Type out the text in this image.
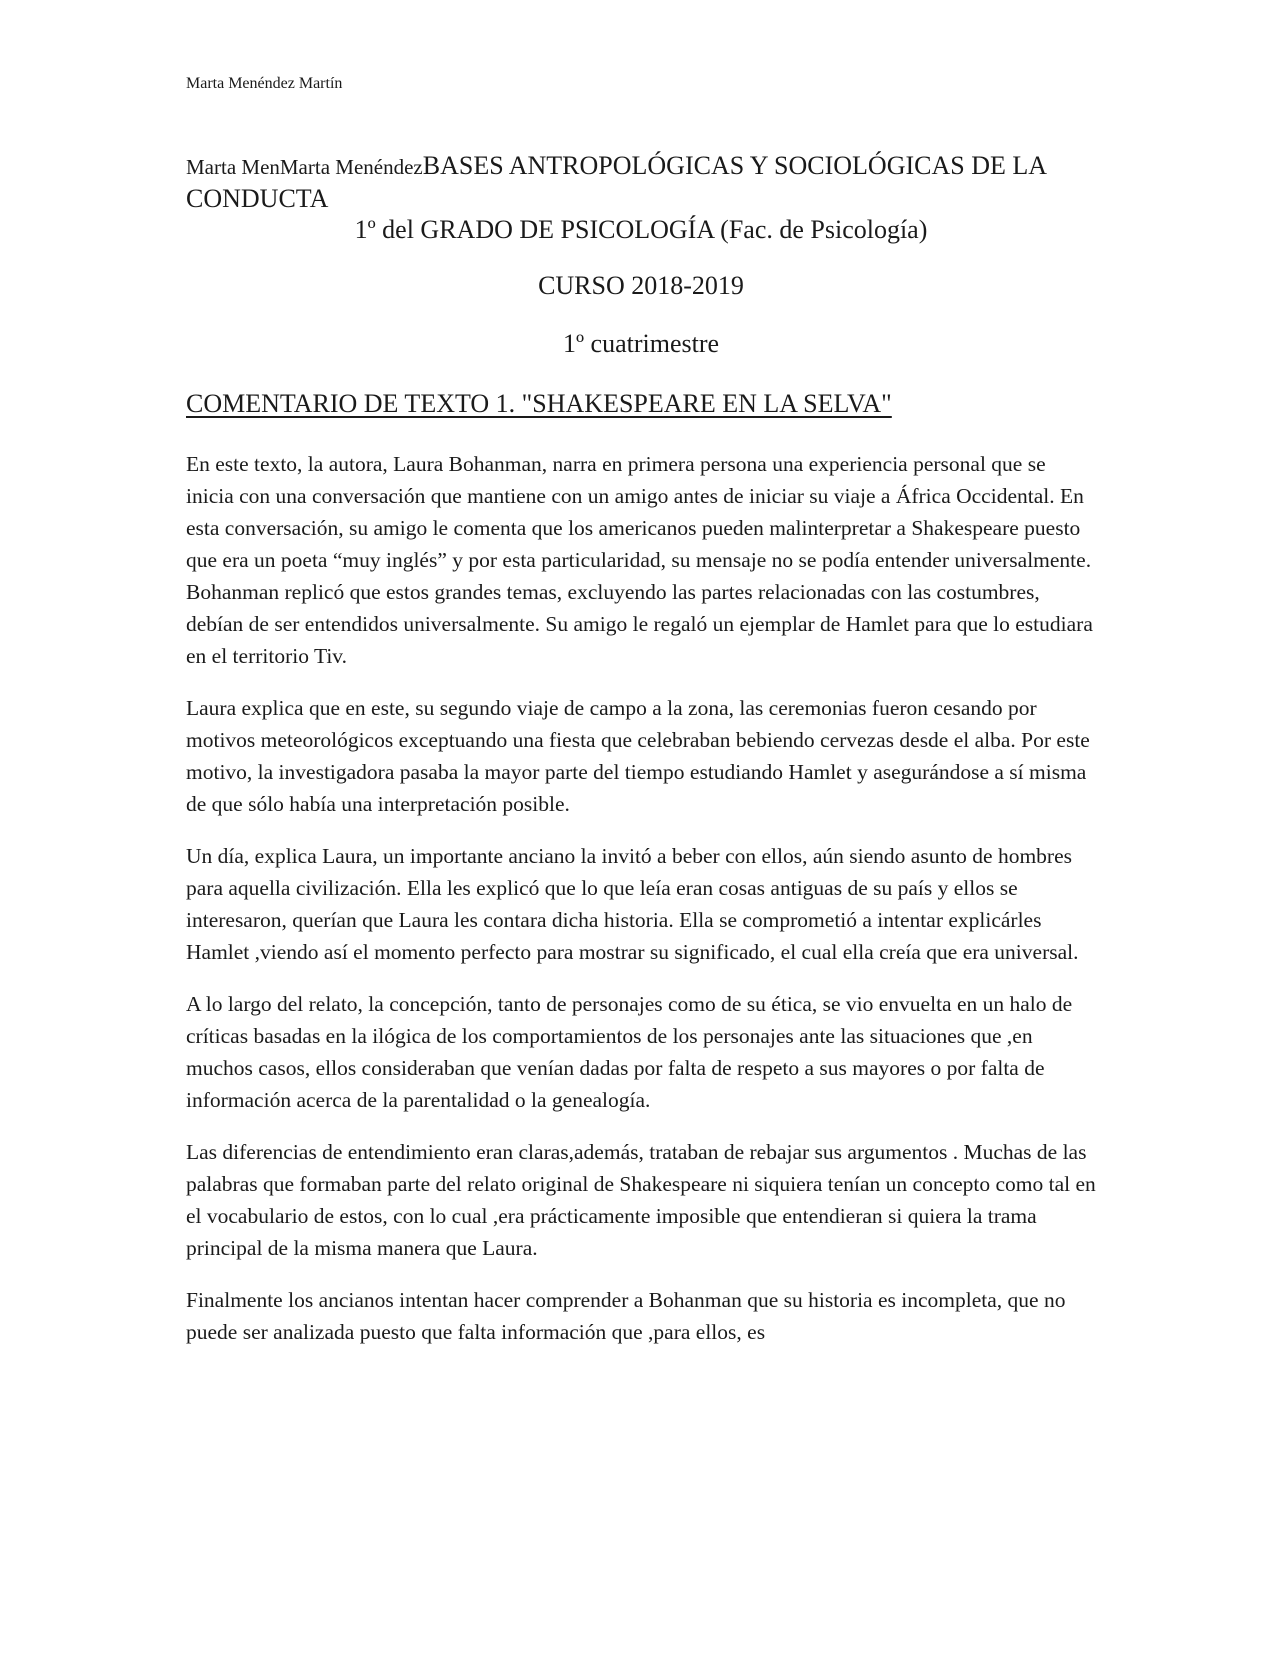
Marta Menéndez Martín

Marta MenMarta MenéndezBASES ANTROPOLÓGICAS Y SOCIOLÓGICAS DE LA CONDUCTA

1º del GRADO DE PSICOLOGÍA (Fac. de Psicología)

CURSO 2018-2019

1º cuatrimestre

COMENTARIO DE TEXTO 1. "SHAKESPEARE EN LA SELVA"

En este texto, la autora, Laura Bohanman, narra en primera persona una experiencia personal que se inicia con una conversación que mantiene con un amigo antes de iniciar su viaje a África Occidental. En esta conversación, su amigo le comenta que los americanos pueden malinterpretar a Shakespeare puesto que era un poeta “muy inglés” y por esta particularidad, su mensaje no se podía entender universalmente. Bohanman replicó que estos grandes temas, excluyendo las partes relacionadas con las costumbres, debían de ser entendidos universalmente. Su amigo le regaló un ejemplar de Hamlet para que lo estudiara en el territorio Tiv.

Laura explica que en este, su segundo viaje de campo a la zona, las ceremonias fueron cesando por motivos meteorológicos exceptuando una fiesta que celebraban bebiendo cervezas desde el alba. Por este motivo, la investigadora pasaba la mayor parte del tiempo estudiando Hamlet y asegurándose a sí misma de que sólo había una interpretación posible.

Un día, explica Laura, un importante anciano la invitó a beber con ellos, aún siendo asunto de hombres para aquella civilización. Ella les explicó que lo que leía eran cosas antiguas de su país y ellos se interesaron, querían que Laura les contara dicha historia. Ella se comprometió a intentar explicárles Hamlet ,viendo así el momento perfecto para mostrar su significado, el cual ella creía que era universal.

A lo largo del relato, la concepción, tanto de personajes como de su ética, se vio envuelta en un halo de críticas basadas en la ilógica de los comportamientos de los personajes ante las situaciones que ,en muchos casos, ellos consideraban que venían dadas por falta de respeto a sus mayores o por falta de información acerca de la parentalidad o la genealogía.

Las diferencias de entendimiento eran claras,además, trataban de rebajar sus argumentos . Muchas de las palabras que formaban parte del relato original de Shakespeare ni siquiera tenían un concepto como tal en el vocabulario de estos, con lo cual ,era prácticamente imposible que entendieran si quiera la trama principal de la misma manera que Laura.

Finalmente los ancianos intentan hacer comprender a Bohanman que su historia es incompleta, que no puede ser analizada puesto que falta información que ,para ellos, es
